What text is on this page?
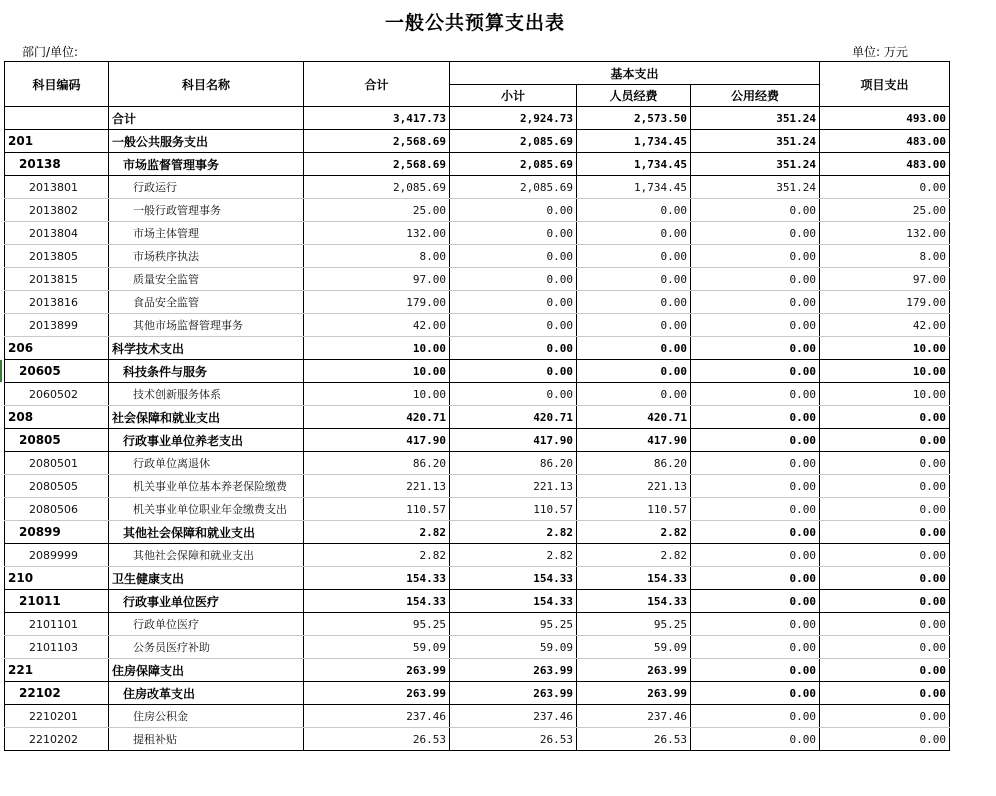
一般公共预算支出表
部门/单位:	单位: 万元
科目编码	科目名称	合计	基本支出			项目支出
			小计	人员经费	公用经费	
	合计	3,417.73	2,924.73	2,573.50	351.24	493.00
201	一般公共服务支出	2,568.69	2,085.69	1,734.45	351.24	483.00
20138	市场监督管理事务	2,568.69	2,085.69	1,734.45	351.24	483.00
2013801	行政运行	2,085.69	2,085.69	1,734.45	351.24	0.00
2013802	一般行政管理事务	25.00	0.00	0.00	0.00	25.00
2013804	市场主体管理	132.00	0.00	0.00	0.00	132.00
2013805	市场秩序执法	8.00	0.00	0.00	0.00	8.00
2013815	质量安全监管	97.00	0.00	0.00	0.00	97.00
2013816	食品安全监管	179.00	0.00	0.00	0.00	179.00
2013899	其他市场监督管理事务	42.00	0.00	0.00	0.00	42.00
206	科学技术支出	10.00	0.00	0.00	0.00	10.00
20605	科技条件与服务	10.00	0.00	0.00	0.00	10.00
2060502	技术创新服务体系	10.00	0.00	0.00	0.00	10.00
208	社会保障和就业支出	420.71	420.71	420.71	0.00	0.00
20805	行政事业单位养老支出	417.90	417.90	417.90	0.00	0.00
2080501	行政单位离退休	86.20	86.20	86.20	0.00	0.00
2080505	机关事业单位基本养老保险缴费	221.13	221.13	221.13	0.00	0.00
2080506	机关事业单位职业年金缴费支出	110.57	110.57	110.57	0.00	0.00
20899	其他社会保障和就业支出	2.82	2.82	2.82	0.00	0.00
2089999	其他社会保障和就业支出	2.82	2.82	2.82	0.00	0.00
210	卫生健康支出	154.33	154.33	154.33	0.00	0.00
21011	行政事业单位医疗	154.33	154.33	154.33	0.00	0.00
2101101	行政单位医疗	95.25	95.25	95.25	0.00	0.00
2101103	公务员医疗补助	59.09	59.09	59.09	0.00	0.00
221	住房保障支出	263.99	263.99	263.99	0.00	0.00
22102	住房改革支出	263.99	263.99	263.99	0.00	0.00
2210201	住房公积金	237.46	237.46	237.46	0.00	0.00
2210202	提租补贴	26.53	26.53	26.53	0.00	0.00
